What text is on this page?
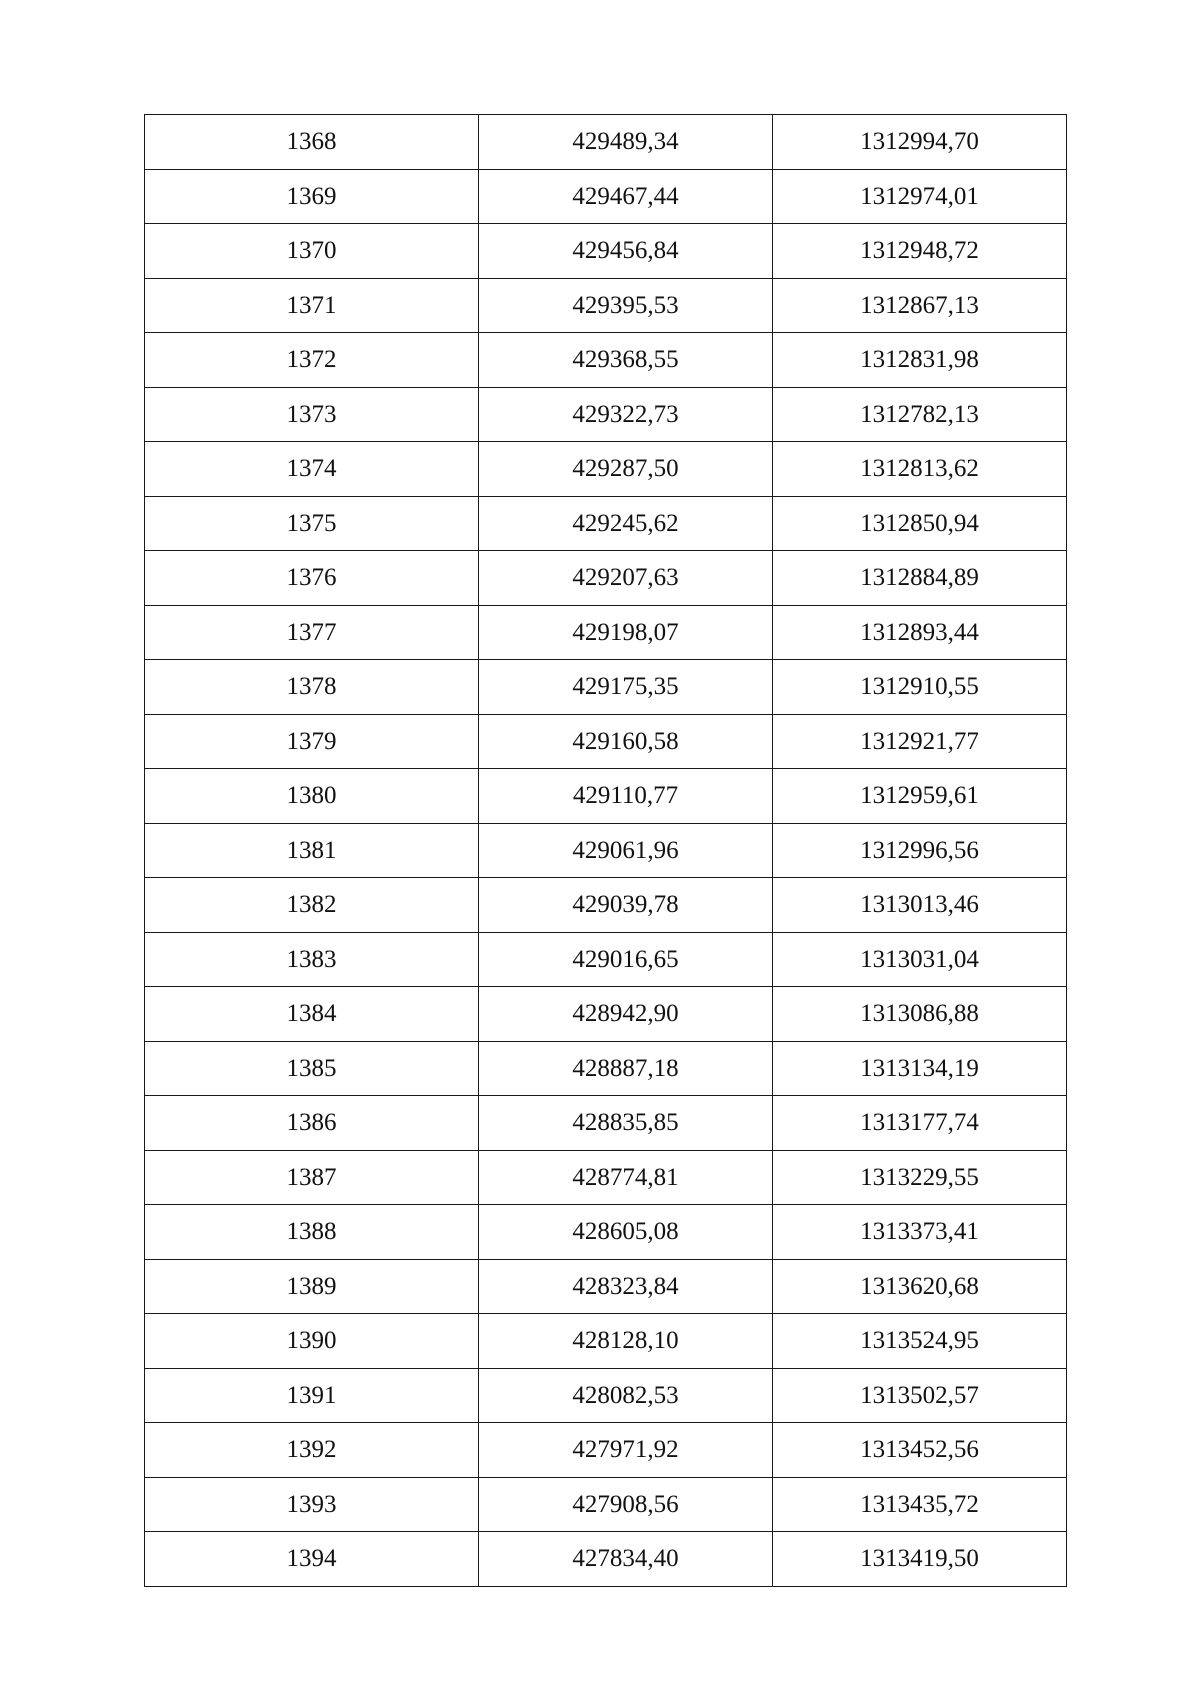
1368	429489,34	1312994,70
1369	429467,44	1312974,01
1370	429456,84	1312948,72
1371	429395,53	1312867,13
1372	429368,55	1312831,98
1373	429322,73	1312782,13
1374	429287,50	1312813,62
1375	429245,62	1312850,94
1376	429207,63	1312884,89
1377	429198,07	1312893,44
1378	429175,35	1312910,55
1379	429160,58	1312921,77
1380	429110,77	1312959,61
1381	429061,96	1312996,56
1382	429039,78	1313013,46
1383	429016,65	1313031,04
1384	428942,90	1313086,88
1385	428887,18	1313134,19
1386	428835,85	1313177,74
1387	428774,81	1313229,55
1388	428605,08	1313373,41
1389	428323,84	1313620,68
1390	428128,10	1313524,95
1391	428082,53	1313502,57
1392	427971,92	1313452,56
1393	427908,56	1313435,72
1394	427834,40	1313419,50
